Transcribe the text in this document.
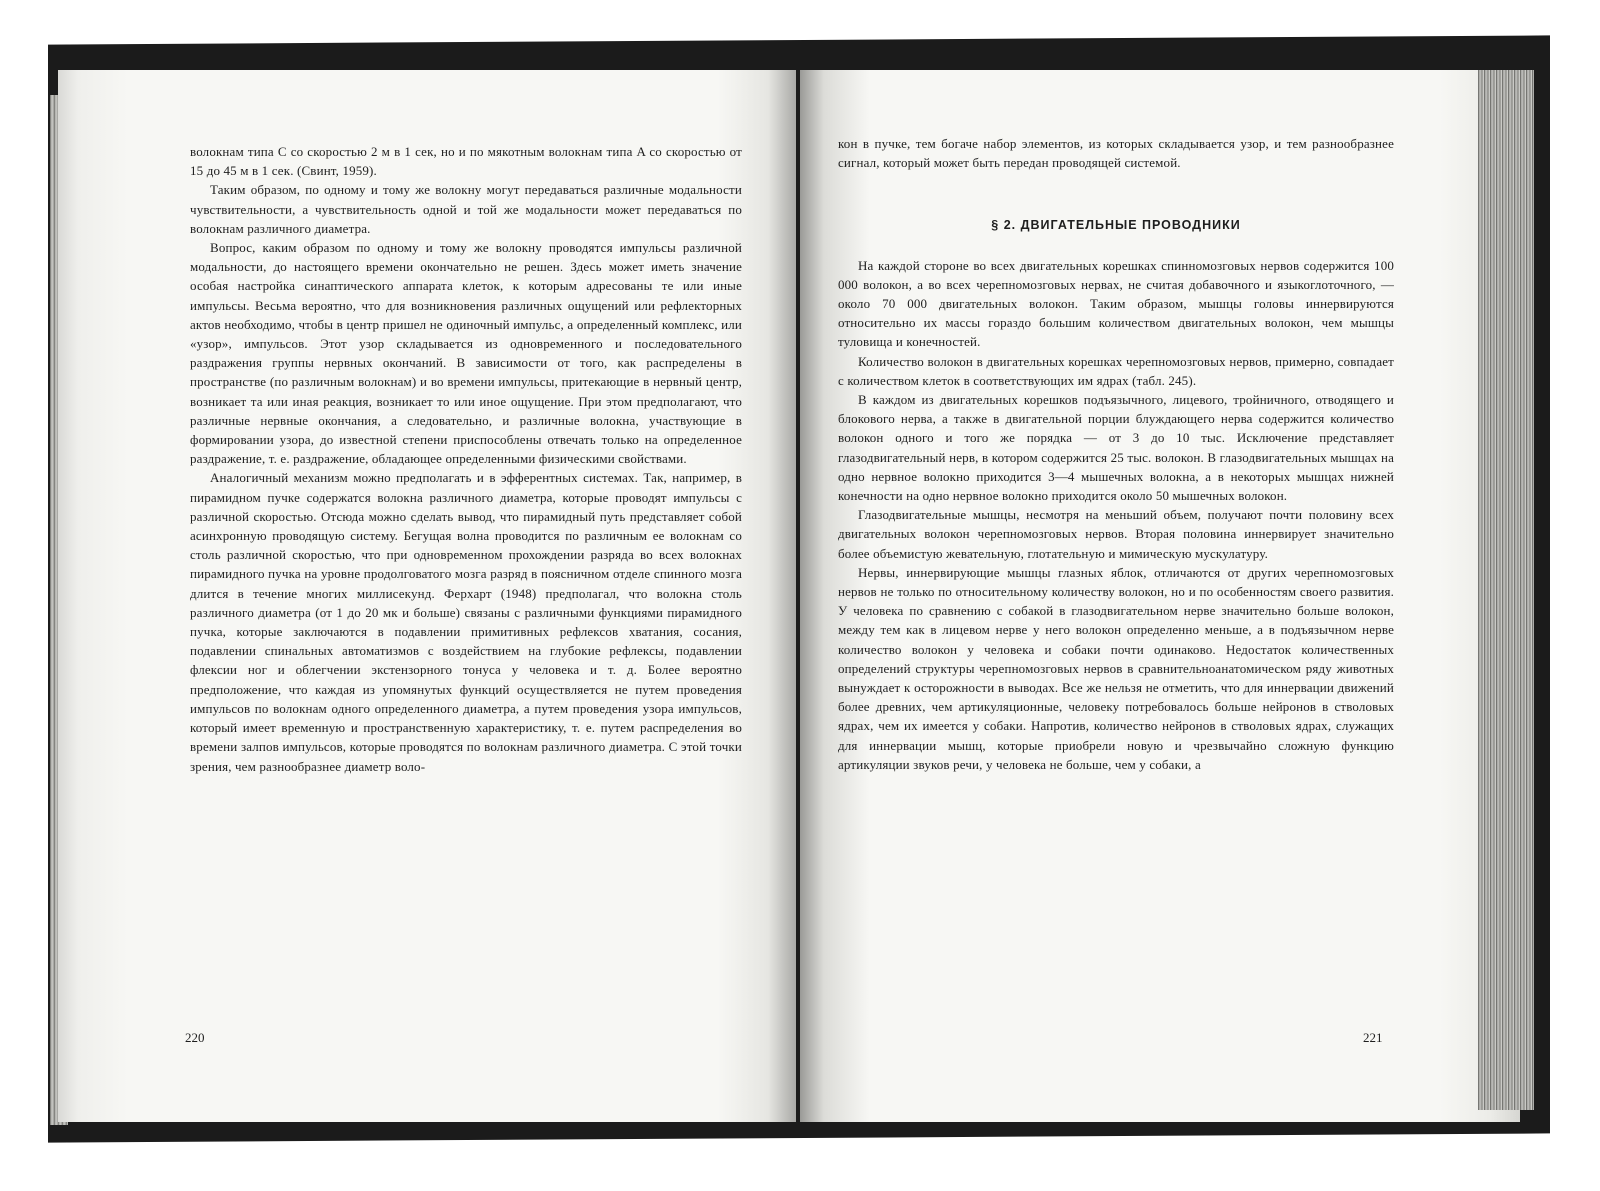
волокнам типа С со скоростью 2 м в 1 сек, но и по мякотным волокнам типа A со скоростью от 15 до 45 м в 1 сек. (Свинт, 1959).

Таким образом, по одному и тому же волокну могут передаваться различные модальности чувствительности, а чувствительность одной и той же модальности может передаваться по волокнам различного диаметра.

Вопрос, каким образом по одному и тому же волокну проводятся импульсы различной модальности, до настоящего времени окончательно не решен. Здесь может иметь значение особая настройка синаптического аппарата клеток, к которым адресованы те или иные импульсы. Весьма вероятно, что для возникновения различных ощущений или рефлекторных актов необходимо, чтобы в центр пришел не одиночный импульс, а определенный комплекс, или «узор», импульсов. Этот узор складывается из одновременного и последовательного раздражения группы нервных окончаний. В зависимости от того, как распределены в пространстве (по различным волокнам) и во времени импульсы, притекающие в нервный центр, возникает та или иная реакция, возникает то или иное ощущение. При этом предполагают, что различные нервные окончания, а следовательно, и различные волокна, участвующие в формировании узора, до известной степени приспособлены отвечать только на определенное раздражение, т. е. раздражение, обладающее определенными физическими свойствами.

Аналогичный механизм можно предполагать и в эфферентных системах. Так, например, в пирамидном пучке содержатся волокна различного диаметра, которые проводят импульсы с различной скоростью. Отсюда можно сделать вывод, что пирамидный путь представляет собой асинхронную проводящую систему. Бегущая волна проводится по различным ее волокнам со столь различной скоростью, что при одновременном прохождении разряда во всех волокнах пирамидного пучка на уровне продолговатого мозга разряд в поясничном отделе спинного мозга длится в течение многих миллисекунд. Ферхарт (1948) предполагал, что волокна столь различного диаметра (от 1 до 20 мк и больше) связаны с различными функциями пирамидного пучка, которые заключаются в подавлении примитивных рефлексов хватания, сосания, подавлении спинальных автоматизмов с воздействием на глубокие рефлексы, подавлении флексии ног и облегчении экстензорного тонуса у человека и т. д. Более вероятно предположение, что каждая из упомянутых функций осуществляется не путем проведения импульсов по волокнам одного определенного диаметра, а путем проведения узора импульсов, который имеет временную и пространственную характеристику, т. е. путем распределения во времени залпов импульсов, которые проводятся по волокнам различного диаметра. С этой точки зрения, чем разнообразнее диаметр воло-

220

кон в пучке, тем богаче набор элементов, из которых складывается узор, и тем разнообразнее сигнал, который может быть передан проводящей системой.

§ 2. ДВИГАТЕЛЬНЫЕ ПРОВОДНИКИ

На каждой стороне во всех двигательных корешках спинномозговых нервов содержится 100 000 волокон, а во всех черепномозговых нервах, не считая добавочного и языкоглоточного, — около 70 000 двигательных волокон. Таким образом, мышцы головы иннервируются относительно их массы гораздо большим количеством двигательных волокон, чем мышцы туловища и конечностей.

Количество волокон в двигательных корешках черепномозговых нервов, примерно, совпадает с количеством клеток в соответствующих им ядрах (табл. 245).

В каждом из двигательных корешков подъязычного, лицевого, тройничного, отводящего и блокового нерва, а также в двигательной порции блуждающего нерва содержится количество волокон одного и того же порядка — от 3 до 10 тыс. Исключение представляет глазодвигательный нерв, в котором содержится 25 тыс. волокон. В глазодвигательных мышцах на одно нервное волокно приходится 3—4 мышечных волокна, а в некоторых мышцах нижней конечности на одно нервное волокно приходится около 50 мышечных волокон.

Глазодвигательные мышцы, несмотря на меньший объем, получают почти половину всех двигательных волокон черепномозговых нервов. Вторая половина иннервирует значительно более объемистую жевательную, глотательную и мимическую мускулатуру.

Нервы, иннервирующие мышцы глазных яблок, отличаются от других черепномозговых нервов не только по относительному количеству волокон, но и по особенностям своего развития. У человека по сравнению с собакой в глазодвигательном нерве значительно больше волокон, между тем как в лицевом нерве у него волокон определенно меньше, а в подъязычном нерве количество волокон у человека и собаки почти одинаково. Недостаток количественных определений структуры черепномозговых нервов в сравнительноанатомическом ряду животных вынуждает к осторожности в выводах. Все же нельзя не отметить, что для иннервации движений более древних, чем артикуляционные, человеку потребовалось больше нейронов в стволовых ядрах, чем их имеется у собаки. Напротив, количество нейронов в стволовых ядрах, служащих для иннервации мышц, которые приобрели новую и чрезвычайно сложную функцию артикуляции звуков речи, у человека не больше, чем у собаки, а

221
